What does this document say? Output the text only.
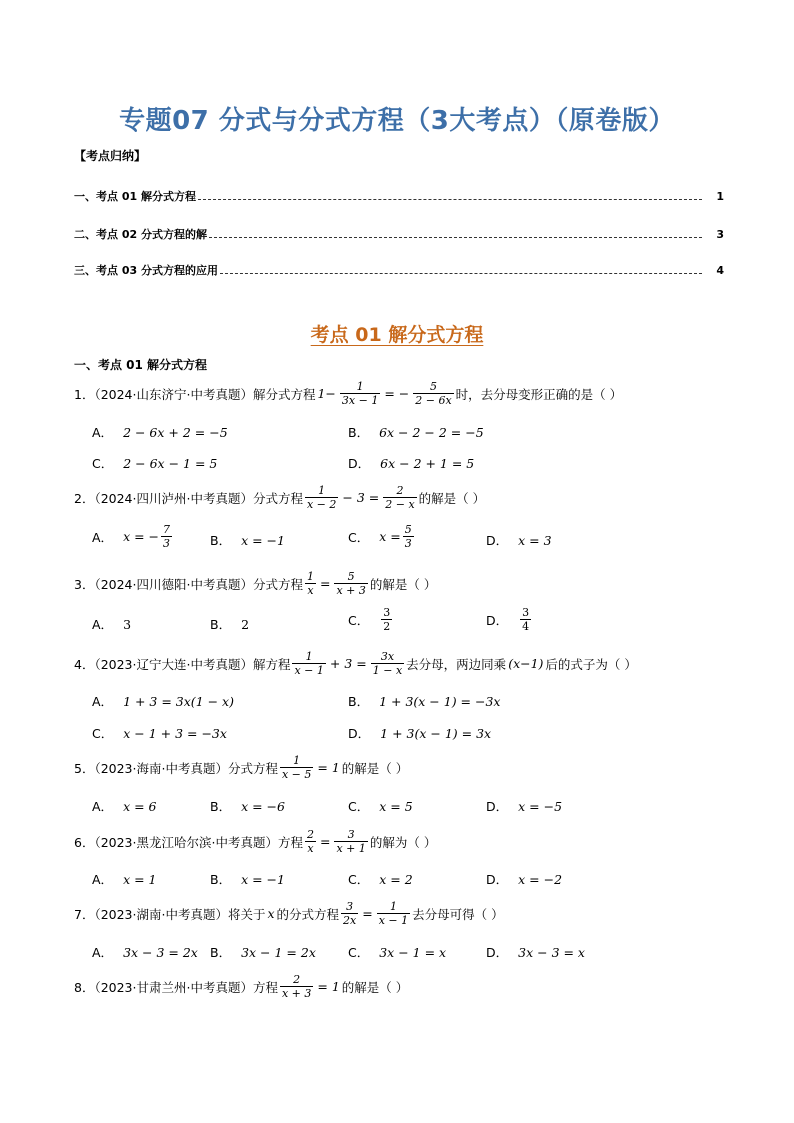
专题07 分式与分式方程（3大考点）（原卷版）
【考点归纳】
一、考点 01 解分式方程	1
二、考点 02 分式方程的解	3
三、考点 03 分式方程的应用	4
考点 01 解分式方程
一、考点 01 解分式方程
1．（2024·山东济宁·中考真题）解分式方程 $1- \frac{1}{3x - 1}$ = − $\frac{5}{2 - 6x}$ 时，去分母变形正确的是（ ）
A． 2 − 6x + 2 = −5	B． 6x − 2 − 2 = −5
C． 2 − 6x − 1 = 5	D． 6x − 2 + 1 = 5
2．（2024·四川泸州·中考真题）分式方程 $\frac{1}{x - 2} - 3 = \frac{2}{2 - x}$ 的解是（ ）
A． x = − $\frac{7}{3}$	B． x = −1	C． $x = \frac{5}{3}$	D． x = 3
3．（2024·四川德阳·中考真题）分式方程 $\frac{1}{x} = \frac{5}{x + 3}$ 的解是（ ）
A． 3	B． 2	C． $\frac{3}{2}$	D． $\frac{3}{4}$
4．（2023·辽宁大连·中考真题）解方程 $\frac{1}{x - 1} + 3 = \frac{3x}{1 - x}$ 去分母，两边同乘 (x−1) 后的式子为（ ）
A． 1 + 3 = 3x(1 − x)	B． 1 + 3(x − 1) = −3x
C． x − 1 + 3 = −3x	D． 1 + 3(x − 1) = 3x
5．（2023·海南·中考真题）分式方程 $\frac{1}{x - 5} = 1$ 的解是（ ）
A． x = 6	B． x = −6	C． x = 5	D． x = −5
6．（2023·黑龙江哈尔滨·中考真题）方程 $\frac{2}{x} = \frac{3}{x + 1}$ 的解为（ ）
A． x = 1	B． x = −1	C． x = 2	D． x = −2
7．（2023·湖南·中考真题）将关于 x 的分式方程 $\frac{3}{2x} = \frac{1}{x - 1}$ 去分母可得（ ）
A． 3x − 3 = 2x B． 3x − 1 = 2x	C． 3x − 1 = x	D． 3x − 3 = x
8．（2023·甘肃兰州·中考真题）方程 $\frac{2}{x + 3} = 1$ 的解是（ ）
